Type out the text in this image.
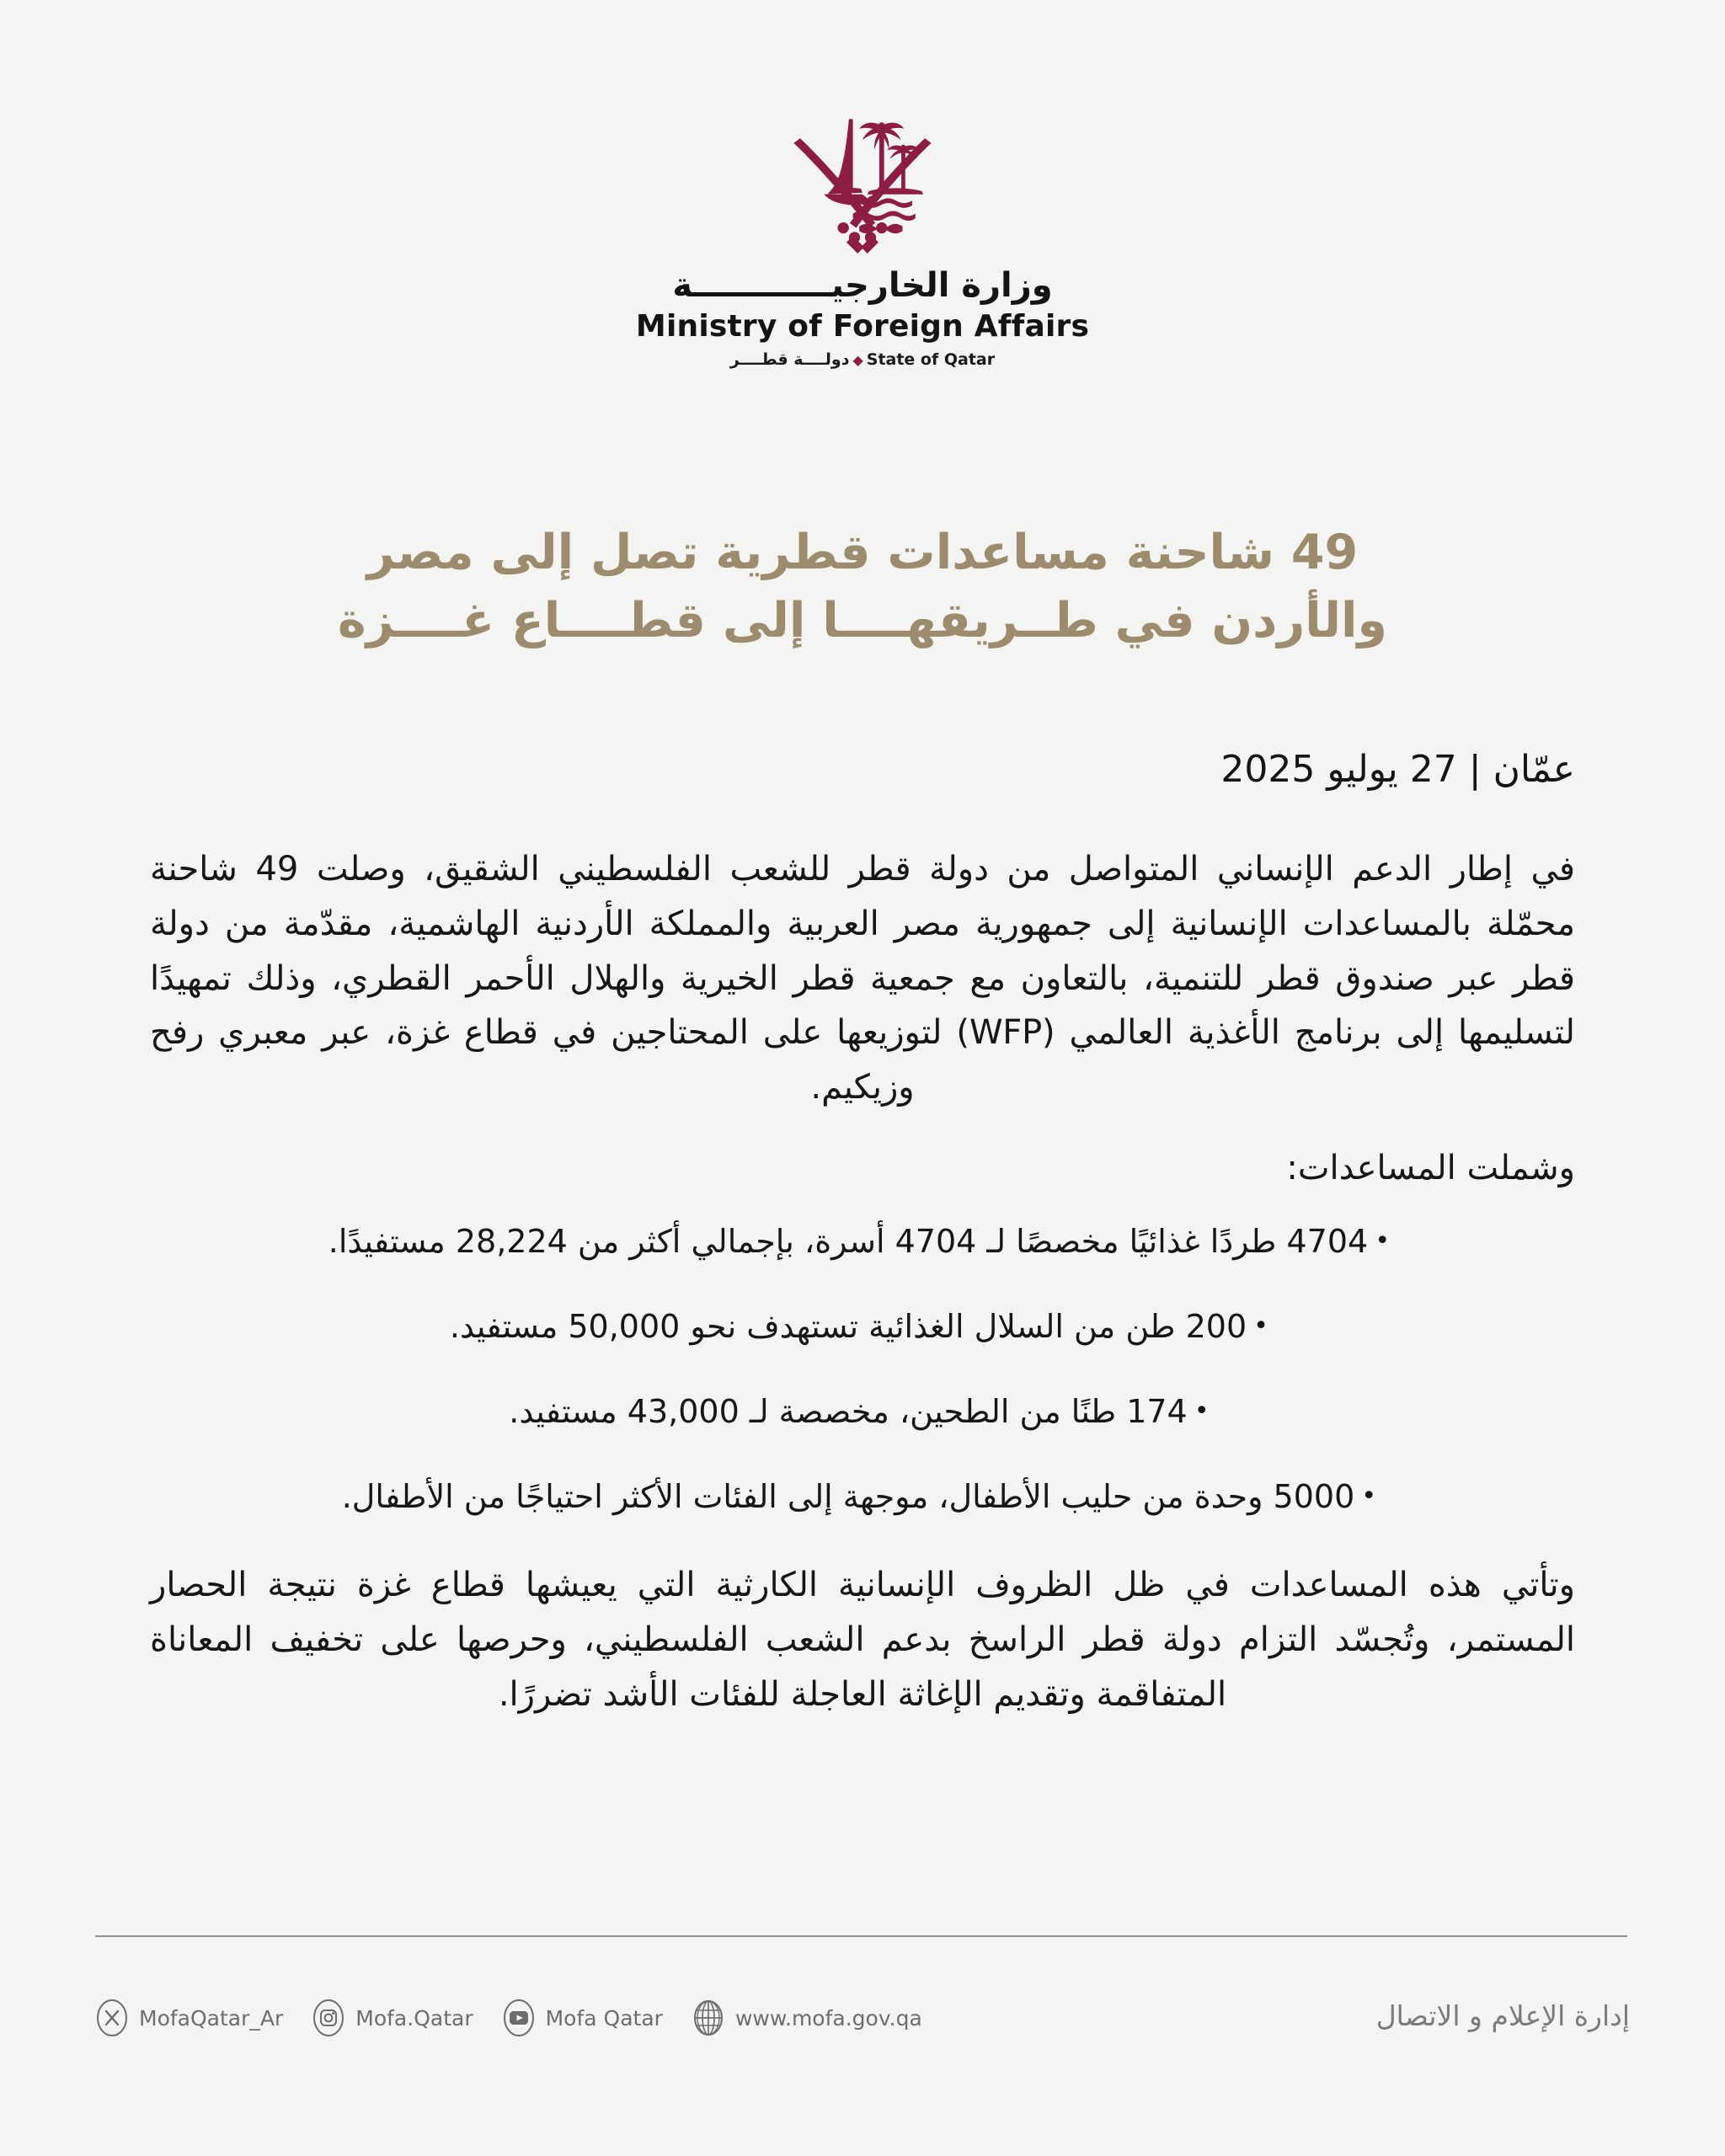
وزارة الخارجيــــــــــــة
Ministry of Foreign Affairs
State of Qatar◆دولــــة قطــــر
49 شاحنة مساعدات قطرية تصل إلى مصر
والأردن في طــريقهــــا إلى قطــــاع غــــزة
عمّان | 27 يوليو 2025

في إطار الدعم الإنساني المتواصل من دولة قطر للشعب الفلسطيني الشقيق، وصلت 49 شاحنة محمّلة بالمساعدات الإنسانية إلى جمهورية مصر العربية والمملكة الأردنية الهاشمية، مقدّمة من دولة قطر عبر صندوق قطر للتنمية، بالتعاون مع جمعية قطر الخيرية والهلال الأحمر القطري، وذلك تمهيدًا لتسليمها إلى برنامج الأغذية العالمي (WFP) لتوزيعها على المحتاجين في قطاع غزة، عبر معبري رفح وزيكيم.

وشملت المساعدات:

•4704 طردًا غذائيًا مخصصًا لـ 4704 أسرة، بإجمالي أكثر من 28,224 مستفيدًا.
•200 طن من السلال الغذائية تستهدف نحو 50,000 مستفيد.
•174 طنًا من الطحين، مخصصة لـ 43,000 مستفيد.
•5000 وحدة من حليب الأطفال، موجهة إلى الفئات الأكثر احتياجًا من الأطفال.

وتأتي هذه المساعدات في ظل الظروف الإنسانية الكارثية التي يعيشها قطاع غزة نتيجة الحصار المستمر، وتُجسّد التزام دولة قطر الراسخ بدعم الشعب الفلسطيني، وحرصها على تخفيف المعاناة المتفاقمة وتقديم الإغاثة العاجلة للفئات الأشد تضررًا.

MofaQatar_Ar	Mofa.Qatar	Mofa Qatar	www.mofa.gov.qa	إدارة الإعلام و الاتصال
